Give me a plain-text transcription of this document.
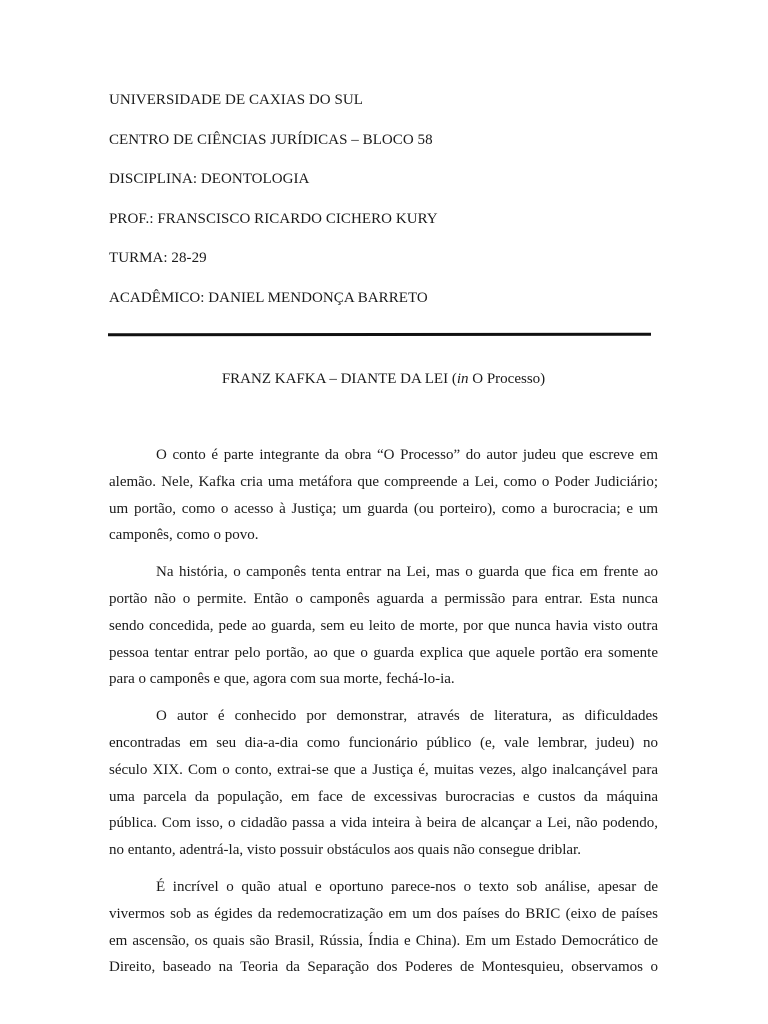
UNIVERSIDADE DE CAXIAS DO SUL
CENTRO DE CIÊNCIAS JURÍDICAS – BLOCO 58
DISCIPLINA: DEONTOLOGIA
PROF.: FRANSCISCO RICARDO CICHERO KURY
TURMA: 28-29
ACADÊMICO: DANIEL MENDONÇA BARRETO
FRANZ KAFKA – DIANTE DA LEI (in O Processo)
O conto é parte integrante da obra “O Processo” do autor judeu que escreve em
alemão. Nele, Kafka cria uma metáfora que compreende a Lei, como o Poder Judiciário;
um portão, como o acesso à Justiça; um guarda (ou porteiro), como a burocracia; e um
camponês, como o povo.
Na história, o camponês tenta entrar na Lei, mas o guarda que fica em frente ao
portão não o permite. Então o camponês aguarda a permissão para entrar. Esta nunca
sendo concedida, pede ao guarda, sem eu leito de morte, por que nunca havia visto outra
pessoa tentar entrar pelo portão, ao que o guarda explica que aquele portão era somente
para o camponês e que, agora com sua morte, fechá-lo-ia.
O autor é conhecido por demonstrar, através de literatura, as dificuldades
encontradas em seu dia-a-dia como funcionário público (e, vale lembrar, judeu) no
século XIX. Com o conto, extrai-se que a Justiça é, muitas vezes, algo inalcançável para
uma parcela da população, em face de excessivas burocracias e custos da máquina
pública. Com isso, o cidadão passa a vida inteira à beira de alcançar a Lei, não podendo,
no entanto, adentrá-la, visto possuir obstáculos aos quais não consegue driblar.
É incrível o quão atual e oportuno parece-nos o texto sob análise, apesar de
vivermos sob as égides da redemocratização em um dos países do BRIC (eixo de países
em ascensão, os quais são Brasil, Rússia, Índia e China). Em um Estado Democrático de
Direito, baseado na Teoria da Separação dos Poderes de Montesquieu, observamos o
